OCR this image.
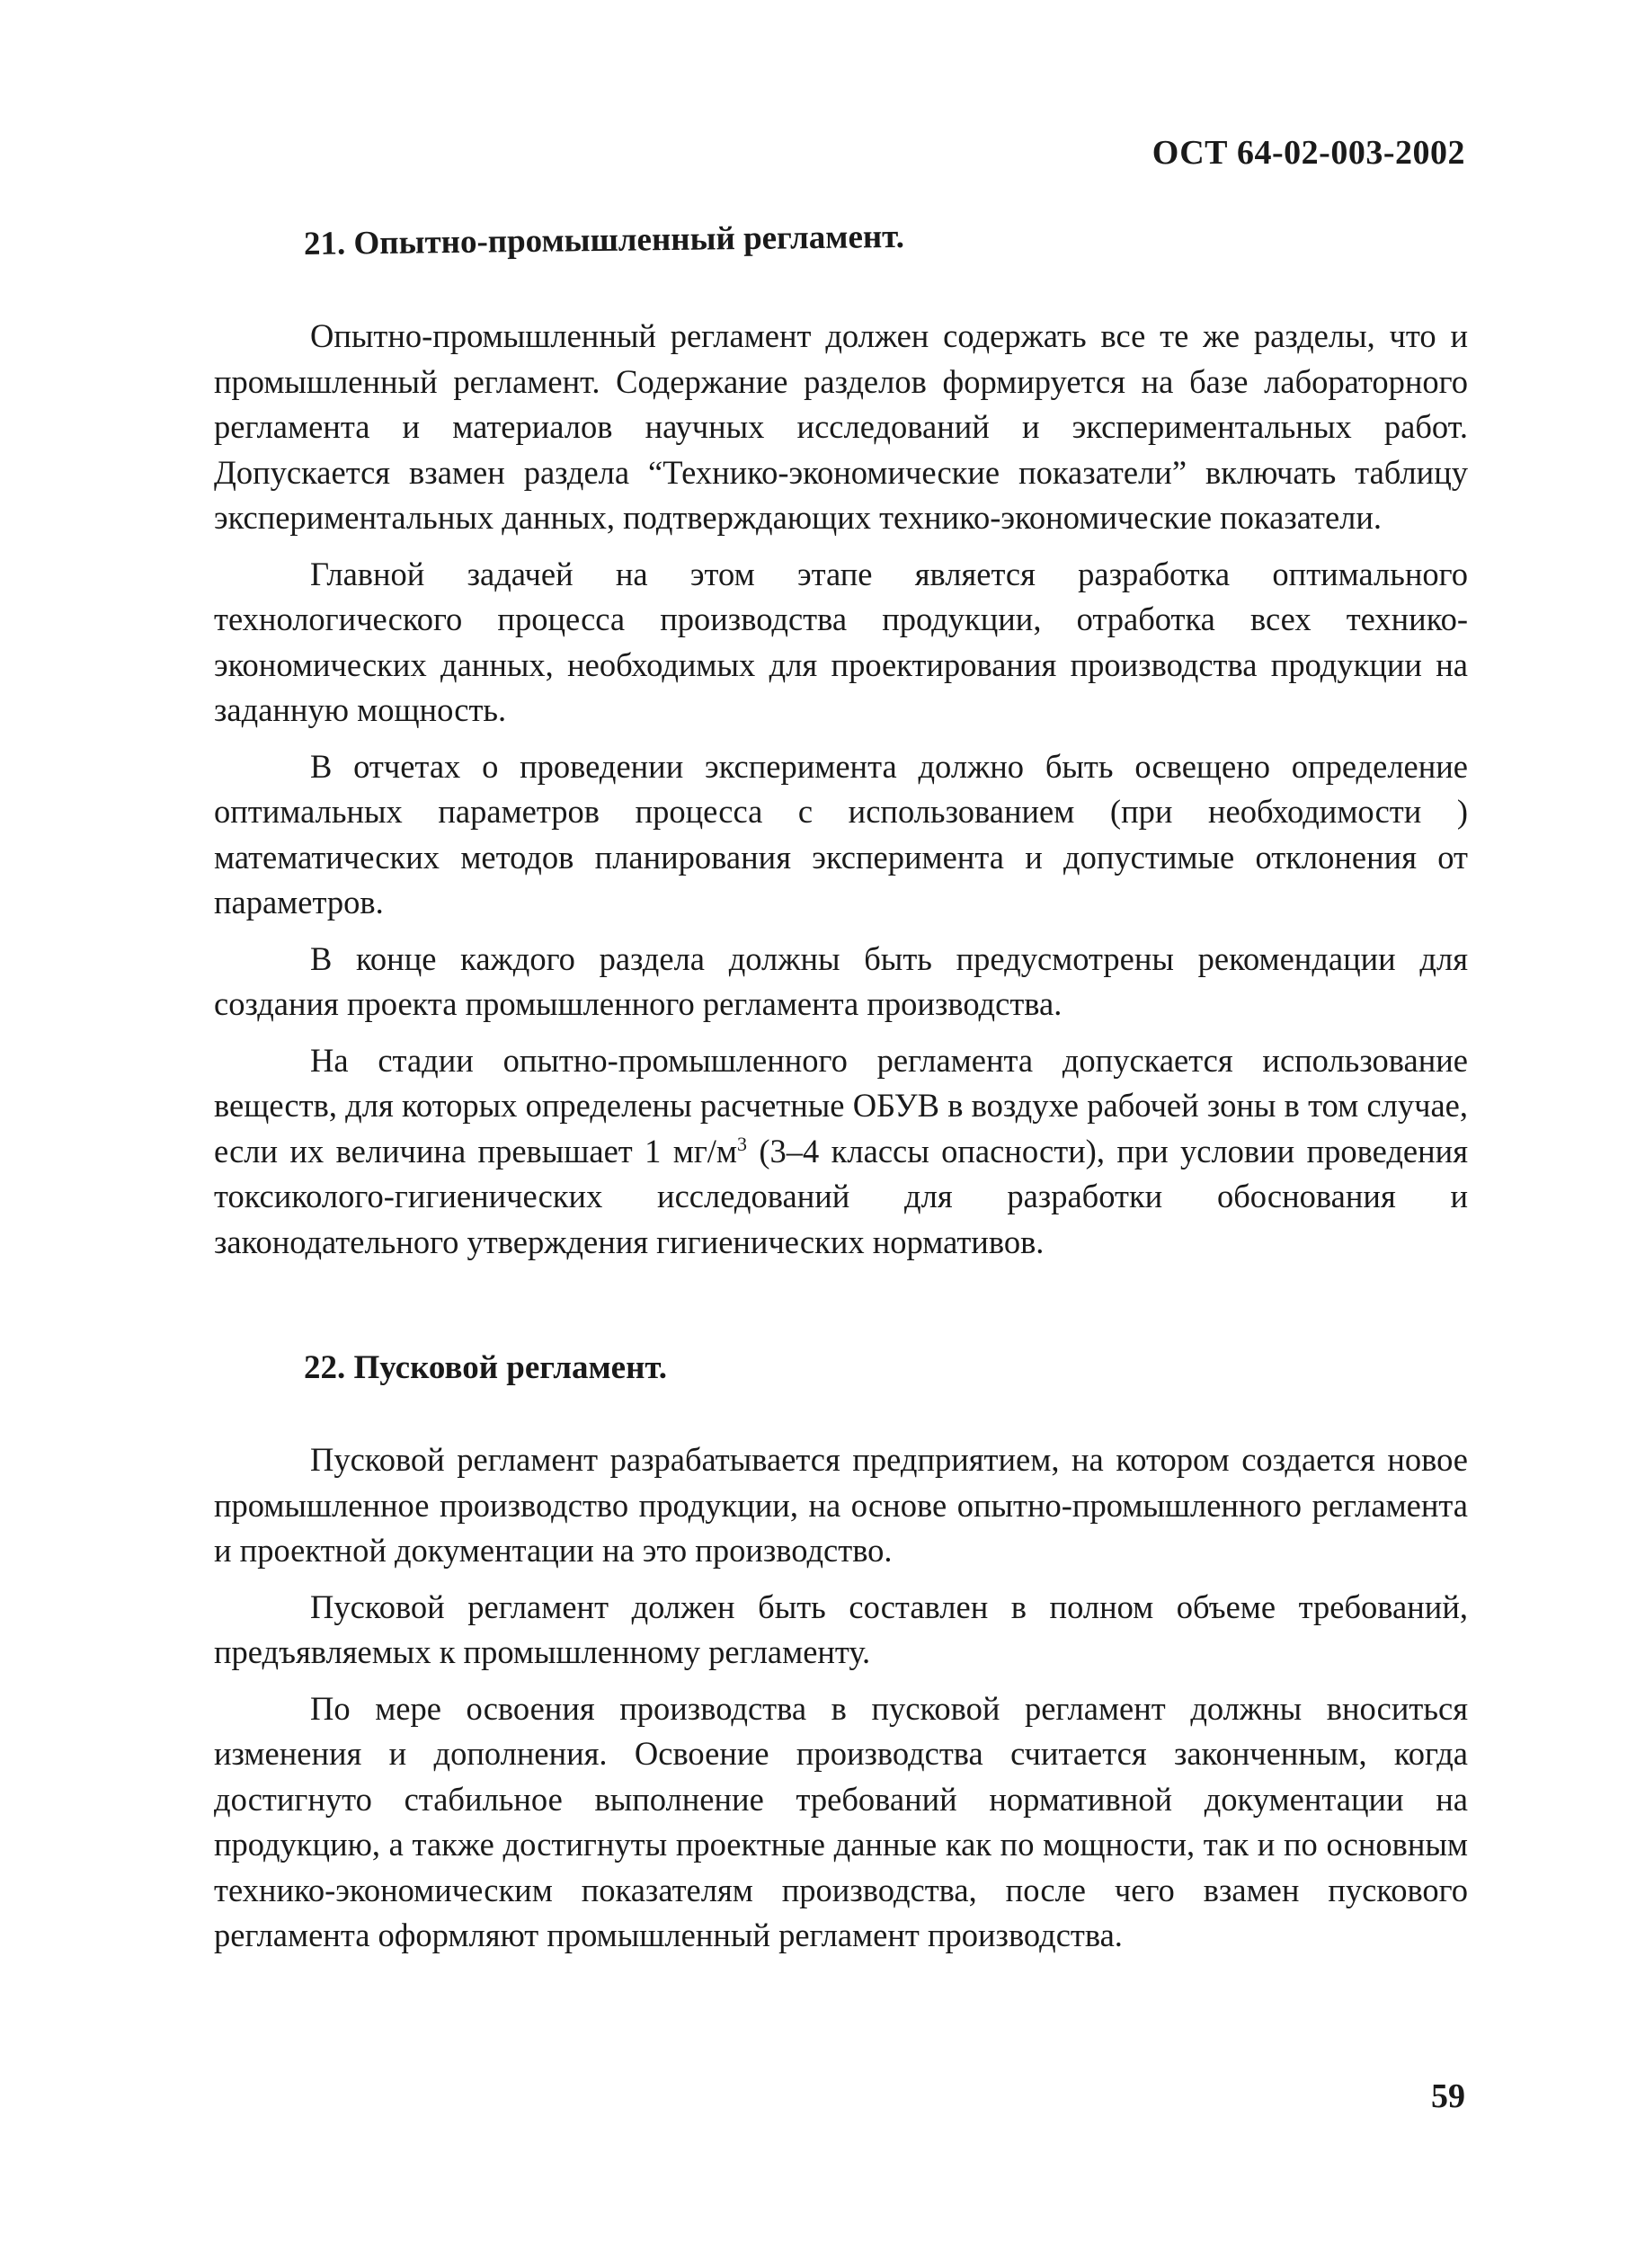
ОСТ 64-02-003-2002
21. Опытно-промышленный регламент.

Опытно-промышленный регламент должен содержать все те же разделы, что и промышленный регламент. Содержание разделов формируется на базе лабораторного регламента и материалов научных исследований и экспериментальных работ. Допускается взамен раздела “Технико-экономические показатели” включать таблицу экспериментальных данных, подтверждающих технико-экономические показатели.

Главной задачей на этом этапе является разработка оптимального технологического процесса производства продукции, отработка всех технико-экономических данных, необходимых для проектирования производства продукции на заданную мощность.

В отчетах о проведении эксперимента должно быть освещено определение оптимальных параметров процесса с использованием (при необходимости ) математических методов планирования эксперимента и допустимые отклонения от параметров.

В конце каждого раздела должны быть предусмотрены рекомендации для создания проекта промышленного регламента производства.

На стадии опытно-промышленного регламента допускается использование веществ, для которых определены расчетные ОБУВ в воздухе рабочей зоны в том случае, если их величина превышает 1 $мг/м^3$ (3–4 классы опасности), при условии проведения токсиколого-гигиенических исследований для разработки обоснования и законодательного утверждения гигиенических нормативов.

22. Пусковой регламент.

Пусковой регламент разрабатывается предприятием, на котором создается новое промышленное производство продукции, на основе опытно-промышленного регламента и проектной документации на это производство.

Пусковой регламент должен быть составлен в полном объеме требований, предъявляемых к промышленному регламенту.

По мере освоения производства в пусковой регламент должны вноситься изменения и дополнения. Освоение производства считается законченным, когда достигнуто стабильное выполнение требований нормативной документации на продукцию, а также достигнуты проектные данные как по мощности, так и по основным технико-экономическим показателям производства, после чего взамен пускового регламента оформляют промышленный регламент производства.

59
